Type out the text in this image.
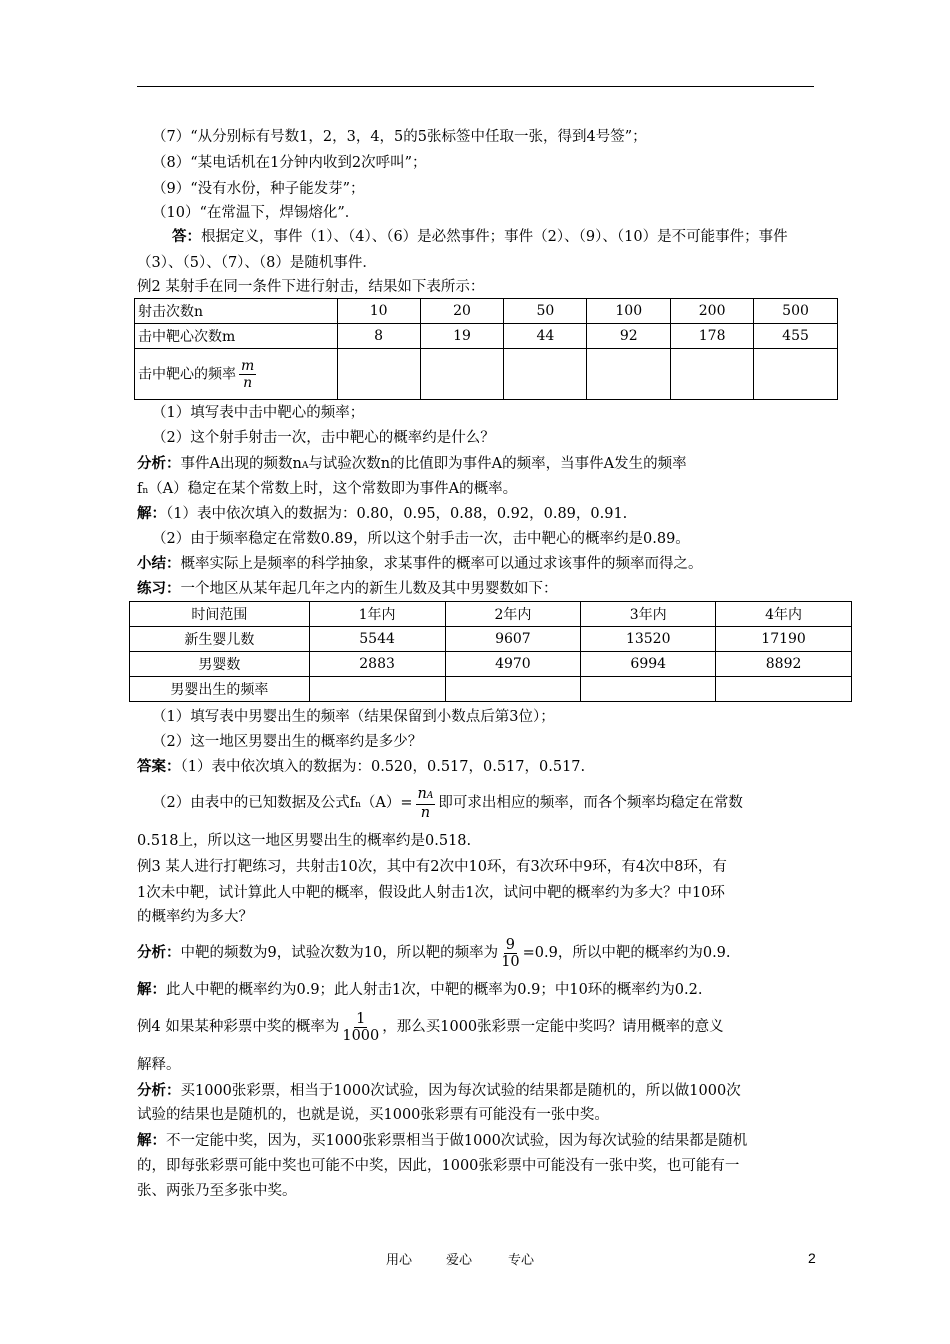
（7）“从分别标有号数1，2，3，4，5的5张标签中任取一张，得到4号签”；
（8）“某电话机在1分钟内收到2次呼叫”；
（9）“没有水份，种子能发芽”；
（10）“在常温下，焊锡熔化”．
答：根据定义，事件（1）、（4）、（6）是必然事件；事件（2）、（9）、（10）是不可能事件；事件
（3）、（5）、（7）、（8）是随机事件．
例2 某射手在同一条件下进行射击，结果如下表所示：
射击次数n	10	20	50	100	200	500
击中靶心次数m	8	19	44	92	178	455
击中靶心的频率 $\frac{m}{n}$

（1）填写表中击中靶心的频率；
（2）这个射手射击一次，击中靶心的概率约是什么？
分析：事件A出现的频数nA与试验次数n的比值即为事件A的频率，当事件A发生的频率
fn（A）稳定在某个常数上时，这个常数即为事件A的概率。
解：（1）表中依次填入的数据为：0.80，0.95，0.88，0.92，0.89，0.91.
（2）由于频率稳定在常数0.89，所以这个射手击一次，击中靶心的概率约是0.89。
小结：概率实际上是频率的科学抽象，求某事件的概率可以通过求该事件的频率而得之。
练习：一个地区从某年起几年之内的新生儿数及其中男婴数如下：
时间范围	1年内	2年内	3年内	4年内
新生婴儿数	5544	9607	13520	17190
男婴数	2883	4970	6994	8892
男婴出生的频率				
（1）填写表中男婴出生的频率（结果保留到小数点后第3位）；
（2）这一地区男婴出生的概率约是多少？
答案：（1）表中依次填入的数据为：0.520，0.517，0.517，0.517.
（2）由表中的已知数据及公式$fn(A)= \frac{nA}{n}$ 即可求出相应的频率，而各个频率均稳定在常数
0.518上，所以这一地区男婴出生的概率约是0.518.
例3 某人进行打靶练习，共射击10次，其中有2次中10环，有3次环中9环，有4次中8环，有
1次未中靶，试计算此人中靶的概率，假设此人射击1次，试问中靶的概率约为多大？中10环
的概率约为多大？
分析：中靶的频数为9，试验次数为10，所以靶的频率为 $\frac{9}{10} =0.9$，所以中靶的概率约为0.9.
解：此人中靶的概率约为0.9；此人射击1次，中靶的概率为0.9；中10环的概率约为0.2.
例4 如果某种彩票中奖的概率为 $\frac{1}{1000}$ ，那么买1000张彩票一定能中奖吗？请用概率的意义
解释。
分析：买1000张彩票，相当于1000次试验，因为每次试验的结果都是随机的，所以做1000次
试验的结果也是随机的，也就是说，买1000张彩票有可能没有一张中奖。
解：不一定能中奖，因为，买1000张彩票相当于做1000次试验，因为每次试验的结果都是随机
的，即每张彩票可能中奖也可能不中奖，因此，1000张彩票中可能没有一张中奖，也可能有一
张、两张乃至多张中奖。
用心	爱心	专心	2
